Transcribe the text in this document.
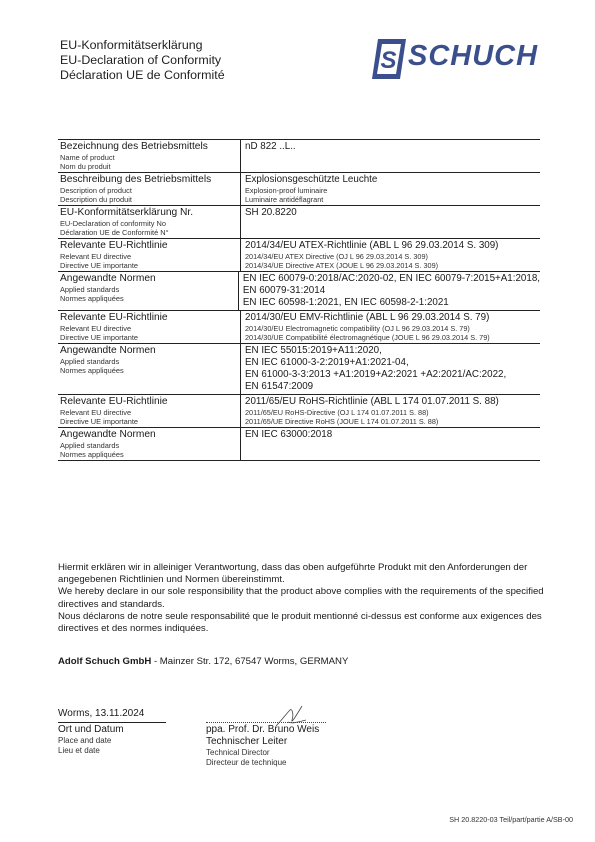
EU-Konformitätserklärung
EU-Declaration of Conformity
Déclaration UE de Conformité
S SCHUCH
Bezeichnung des Betriebsmittels
Name of product
Nom du produit
nD 822 ..L..
Beschreibung des Betriebsmittels
Description of product
Description du produit
Explosionsgeschützte Leuchte
Explosion-proof luminaire
Luminaire antidéflagrant
EU-Konformitätserklärung Nr.
EU-Declaration of conformity No
Déclaration UE de Conformité N°
SH 20.8220
Relevante EU-Richtlinie
Relevant EU directive
Directive UE importante
2014/34/EU ATEX-Richtlinie (ABL L 96 29.03.2014 S. 309)
2014/34/EU ATEX Directive (OJ L 96 29.03.2014 S. 309)
2014/34/UE Directive ATEX (JOUE L 96 29.03.2014 S. 309)
Angewandte Normen
Applied standards
Normes appliquées
EN IEC 60079-0:2018/AC:2020-02, EN IEC 60079-7:2015+A1:2018,
EN 60079-31:2014
EN IEC 60598-1:2021, EN IEC 60598-2-1:2021
Relevante EU-Richtlinie
Relevant EU directive
Directive UE importante
2014/30/EU EMV-Richtlinie (ABL L 96 29.03.2014 S. 79)
2014/30/EU Electromagnetic compatibility (OJ L 96 29.03.2014 S. 79)
2014/30/UE Compatibilité électromagnétique (JOUE L 96 29.03.2014 S. 79)
Angewandte Normen
Applied standards
Normes appliquées
EN IEC 55015:2019+A11:2020,
EN IEC 61000-3-2:2019+A1:2021-04,
EN 61000-3-3:2013 +A1:2019+A2:2021 +A2:2021/AC:2022,
EN 61547:2009
Relevante EU-Richtlinie
Relevant EU directive
Directive UE importante
2011/65/EU RoHS-Richtlinie (ABL L 174 01.07.2011 S. 88)
2011/65/EU RoHS-Directive (OJ L 174 01.07.2011 S. 88)
2011/65/UE Directive RoHS (JOUE L 174 01.07.2011 S. 88)
Angewandte Normen
Applied standards
Normes appliquées
EN IEC 63000:2018
Hiermit erklären wir in alleiniger Verantwortung, dass das oben aufgeführte Produkt mit den Anforderungen der angegebenen Richtlinien und Normen übereinstimmt.
We hereby declare in our sole responsibility that the product above complies with the requirements of the specified directives and standards.
Nous déclarons de notre seule responsabilité que le produit mentionné ci-dessus est conforme aux exigences des directives et des normes indiquées.
Adolf Schuch GmbH - Mainzer Str. 172, 67547 Worms, GERMANY
Worms, 13.11.2024
Ort und Datum
Place and date
Lieu et date
ppa. Prof. Dr. Bruno Weis
Technischer Leiter
Technical Director
Directeur de technique
SH 20.8220-03 Teil/part/partie A/SB-00
